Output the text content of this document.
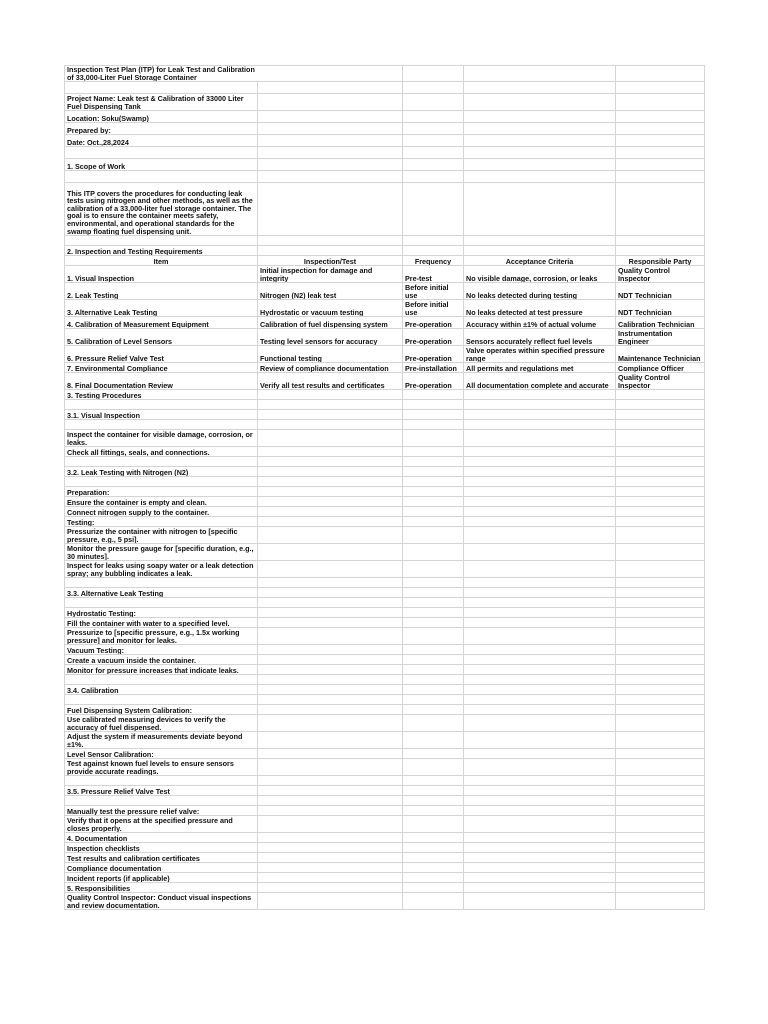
Inspection Test Plan (ITP) for Leak Test and Calibration of 33,000-Liter Fuel Storage Container				

Project Name: Leak test & Calibration of 33000 Liter Fuel Dispensing Tank				
Location: Soku(Swamp)				
Prepared by:				
Date: Oct.,28,2024				

1. Scope of Work				

This ITP covers the procedures for conducting leak tests using nitrogen and other methods, as well as the calibration of a 33,000-liter fuel storage container. The goal is to ensure the container meets safety, environmental, and operational standards for the swamp floating fuel dispensing unit.				

2. Inspection and Testing Requirements				
Item	Inspection/Test	Frequency	Acceptance Criteria	Responsible Party
1. Visual Inspection	Initial inspection for damage and integrity	Pre-test	No visible damage, corrosion, or leaks	Quality Control Inspector
2. Leak Testing	Nitrogen (N2) leak test	Before initial use	No leaks detected during testing	NDT Technician
3. Alternative Leak Testing	Hydrostatic or vacuum testing	Before initial use	No leaks detected at test pressure	NDT Technician
4. Calibration of Measurement Equipment	Calibration of fuel dispensing system	Pre-operation	Accuracy within ±1% of actual volume	Calibration Technician
5. Calibration of Level Sensors	Testing level sensors for accuracy	Pre-operation	Sensors accurately reflect fuel levels	Instrumentation Engineer
6. Pressure Relief Valve Test	Functional testing	Pre-operation	Valve operates within specified pressure range	Maintenance Technician
7. Environmental Compliance	Review of compliance documentation	Pre-installation	All permits and regulations met	Compliance Officer
8. Final Documentation Review	Verify all test results and certificates	Pre-operation	All documentation complete and accurate	Quality Control Inspector
3. Testing Procedures				

3.1. Visual Inspection				

Inspect the container for visible damage, corrosion, or leaks.				
Check all fittings, seals, and connections.				

3.2. Leak Testing with Nitrogen (N2)				

Preparation:				
Ensure the container is empty and clean.				
Connect nitrogen supply to the container.				
Testing:				
Pressurize the container with nitrogen to [specific pressure, e.g., 5 psi].				
Monitor the pressure gauge for [specific duration, e.g., 30 minutes].				
Inspect for leaks using soapy water or a leak detection spray; any bubbling indicates a leak.				

3.3. Alternative Leak Testing				

Hydrostatic Testing:				
Fill the container with water to a specified level.				
Pressurize to [specific pressure, e.g., 1.5x working pressure] and monitor for leaks.				
Vacuum Testing:				
Create a vacuum inside the container.				
Monitor for pressure increases that indicate leaks.				

3.4. Calibration				

Fuel Dispensing System Calibration:				
Use calibrated measuring devices to verify the accuracy of fuel dispensed.				
Adjust the system if measurements deviate beyond ±1%.				
Level Sensor Calibration:				
Test against known fuel levels to ensure sensors provide accurate readings.				

3.5. Pressure Relief Valve Test				

Manually test the pressure relief valve:				
Verify that it opens at the specified pressure and closes properly.				
4. Documentation				
Inspection checklists				
Test results and calibration certificates				
Compliance documentation				
Incident reports (if applicable)				
5. Responsibilities				
Quality Control Inspector: Conduct visual inspections and review documentation.				
